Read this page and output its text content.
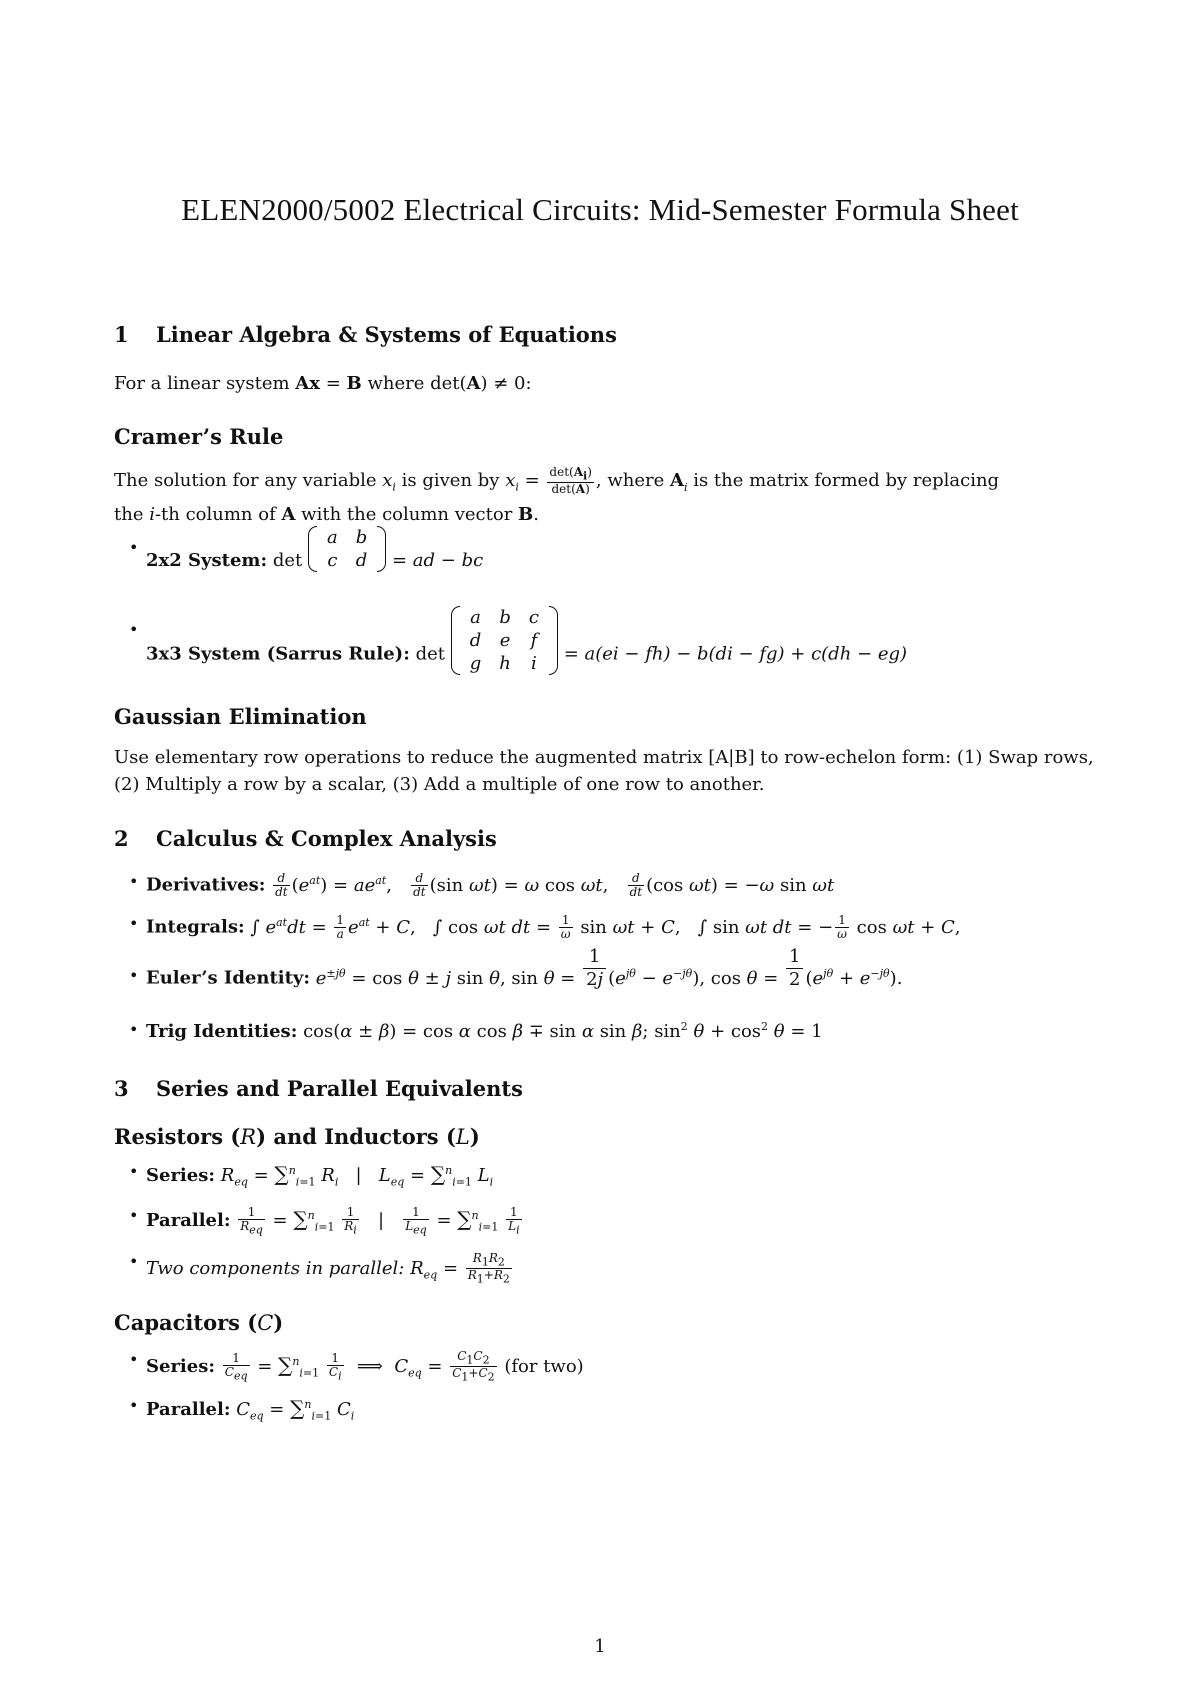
ELEN2000/5002 Electrical Circuits: Mid-Semester Formula Sheet
1 Linear Algebra & Systems of Equations
For a linear system Ax = B where det(A) ≠ 0:
Cramer’s Rule
The solution for any variable $x_i$ is given by $x_i = \frac{\det(A_i)}{\det(A)}$ , where $A_i$ is the matrix formed by replacing
the i-th column of A with the column vector B.
• 2x2 System: det
a	b
c	d = ad − bc
• 3x3 System (Sarrus Rule): det
a	b	c
d	e	f
g	h	i = a(ei − fh) − b(di − fg) + c(dh − eg)
Gaussian Elimination
Use elementary row operations to reduce the augmented matrix [A|B] to row-echelon form: (1) Swap rows, (2) Multiply a row by a scalar, (3) Add a multiple of one row to another.
2 Calculus & Complex Analysis
• Derivatives: $\frac{d}{dt} (e^{at}) = ae^{at}$, $\frac{d}{dt} (\sin$ ωt) = ω cos ωt, $\frac{d}{dt} (\cos$ ωt) = −ω sin ωt
• Integrals: ∫ $e^{at}dt = \frac{1}{a} e^{at} + C$,   ∫ cos ωt dt = $\frac{1}{\omega}$ sin ωt + C,   ∫ sin ωt dt = − $\frac{1}{\omega}$ cos ωt + C,
• Euler’s Identity: $e^{\pm j\theta} = \cos \theta \pm j$ sin θ, $\sin \theta = \frac{1}{2j} (e^{j\theta} - e^{-j\theta})$, $\cos \theta = \frac{1}{2} (e^{j\theta} + e^{-j\theta})$.
• Trig Identities: cos(α ± β) = cos α cos β ∓ sin α sin β; $\sin^2 \theta + \cos^2 \theta = 1$
3 Series and Parallel Equivalents
Resistors (R) and Inductors (L)
• Series: $R_{eq} = \sum^n_{i=1}$ $R_i$   |   $L_{eq} = \sum^n_{i=1}$ $L_i$
• Parallel: $\frac{1}{R_{eq}} = \sum^n_{i=1} \frac{1}{R_i}$ | $\frac{1}{L_{eq}} = \sum^n_{i=1} \frac{1}{L_i}$
• Two components in parallel: $R_{eq} = \frac{R_1R_2}{R_1+R_2}$
Capacitors (C)
• Series: $\frac{1}{C_{eq}} = \sum^n_{i=1} \frac{1}{C_i}$ ⟹  $C_{eq} = \frac{C_1C_2}{C_1+C_2} (for$ two)
• Parallel: $C_{eq} = \sum^n_{i=1}$ $C_i$
1
